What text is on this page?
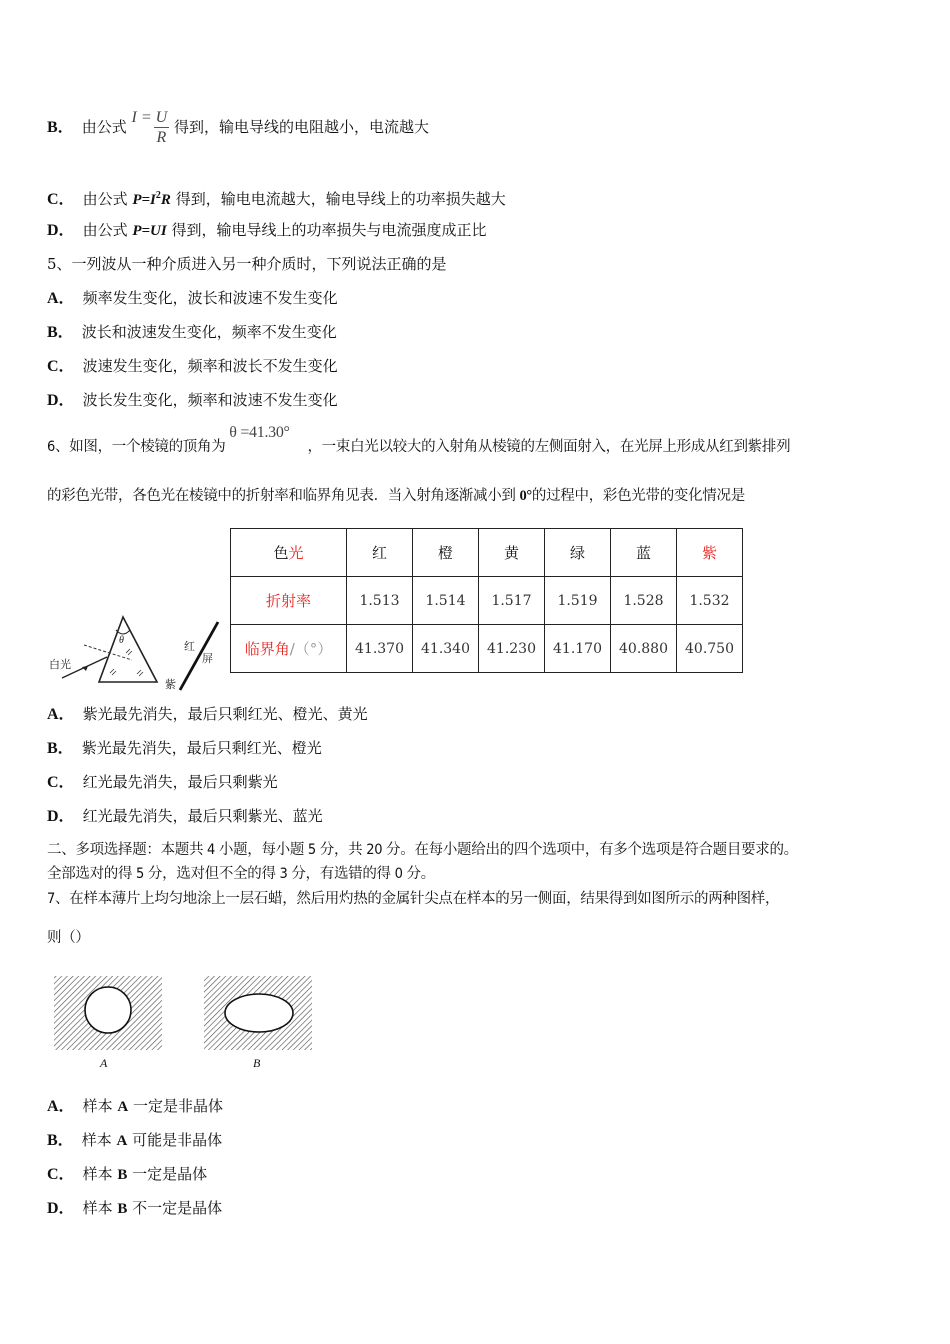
B． 由公式 $I = \frac{U}{R}$ 得到，输电导线的电阻越小，电流越大
C． 由公式 $P=I^2R$ 得到，输电电流越大，输电导线上的功率损失越大
D． 由公式 P=UI 得到，输电导线上的功率损失与电流强度成正比
5、一列波从一种介质进入另一种介质时，下列说法正确的是
A． 频率发生变化，波长和波速不发生变化
B． 波长和波速发生变化，频率不发生变化
C． 波速发生变化，频率和波长不发生变化
D． 波长发生变化，频率和波速不发生变化
6、如图，一个棱镜的顶角为 θ =41.30° ，一束白光以较大的入射角从棱镜的左侧面射入，在光屏上形成从红到紫排列
的彩色光带，各色光在棱镜中的折射率和临界角见表．当入射角逐渐减小到 0°的过程中，彩色光带的变化情况是
θ
白光
红
屏
紫
色光	红	橙	黄	绿	蓝	紫
折射率	1.513	1.514	1.517	1.519	1.528	1.532
临界角/（°）	41.370	41.340	41.230	41.170	40.880	40.750
A． 紫光最先消失，最后只剩红光、橙光、黄光
B． 紫光最先消失，最后只剩红光、橙光
C． 红光最先消失，最后只剩紫光
D． 红光最先消失，最后只剩紫光、蓝光
二、多项选择题：本题共 4 小题，每小题 5 分，共 20 分。在每小题给出的四个选项中，有多个选项是符合题目要求的。
全部选对的得 5 分，选对但不全的得 3 分，有选错的得 0 分。
7、在样本薄片上均匀地涂上一层石蜡，然后用灼热的金属针尖点在样本的另一侧面，结果得到如图所示的两种图样，
则（）
A	B
A． 样本 A 一定是非晶体
B． 样本 A 可能是非晶体
C． 样本 B 一定是晶体
D． 样本 B 不一定是晶体
